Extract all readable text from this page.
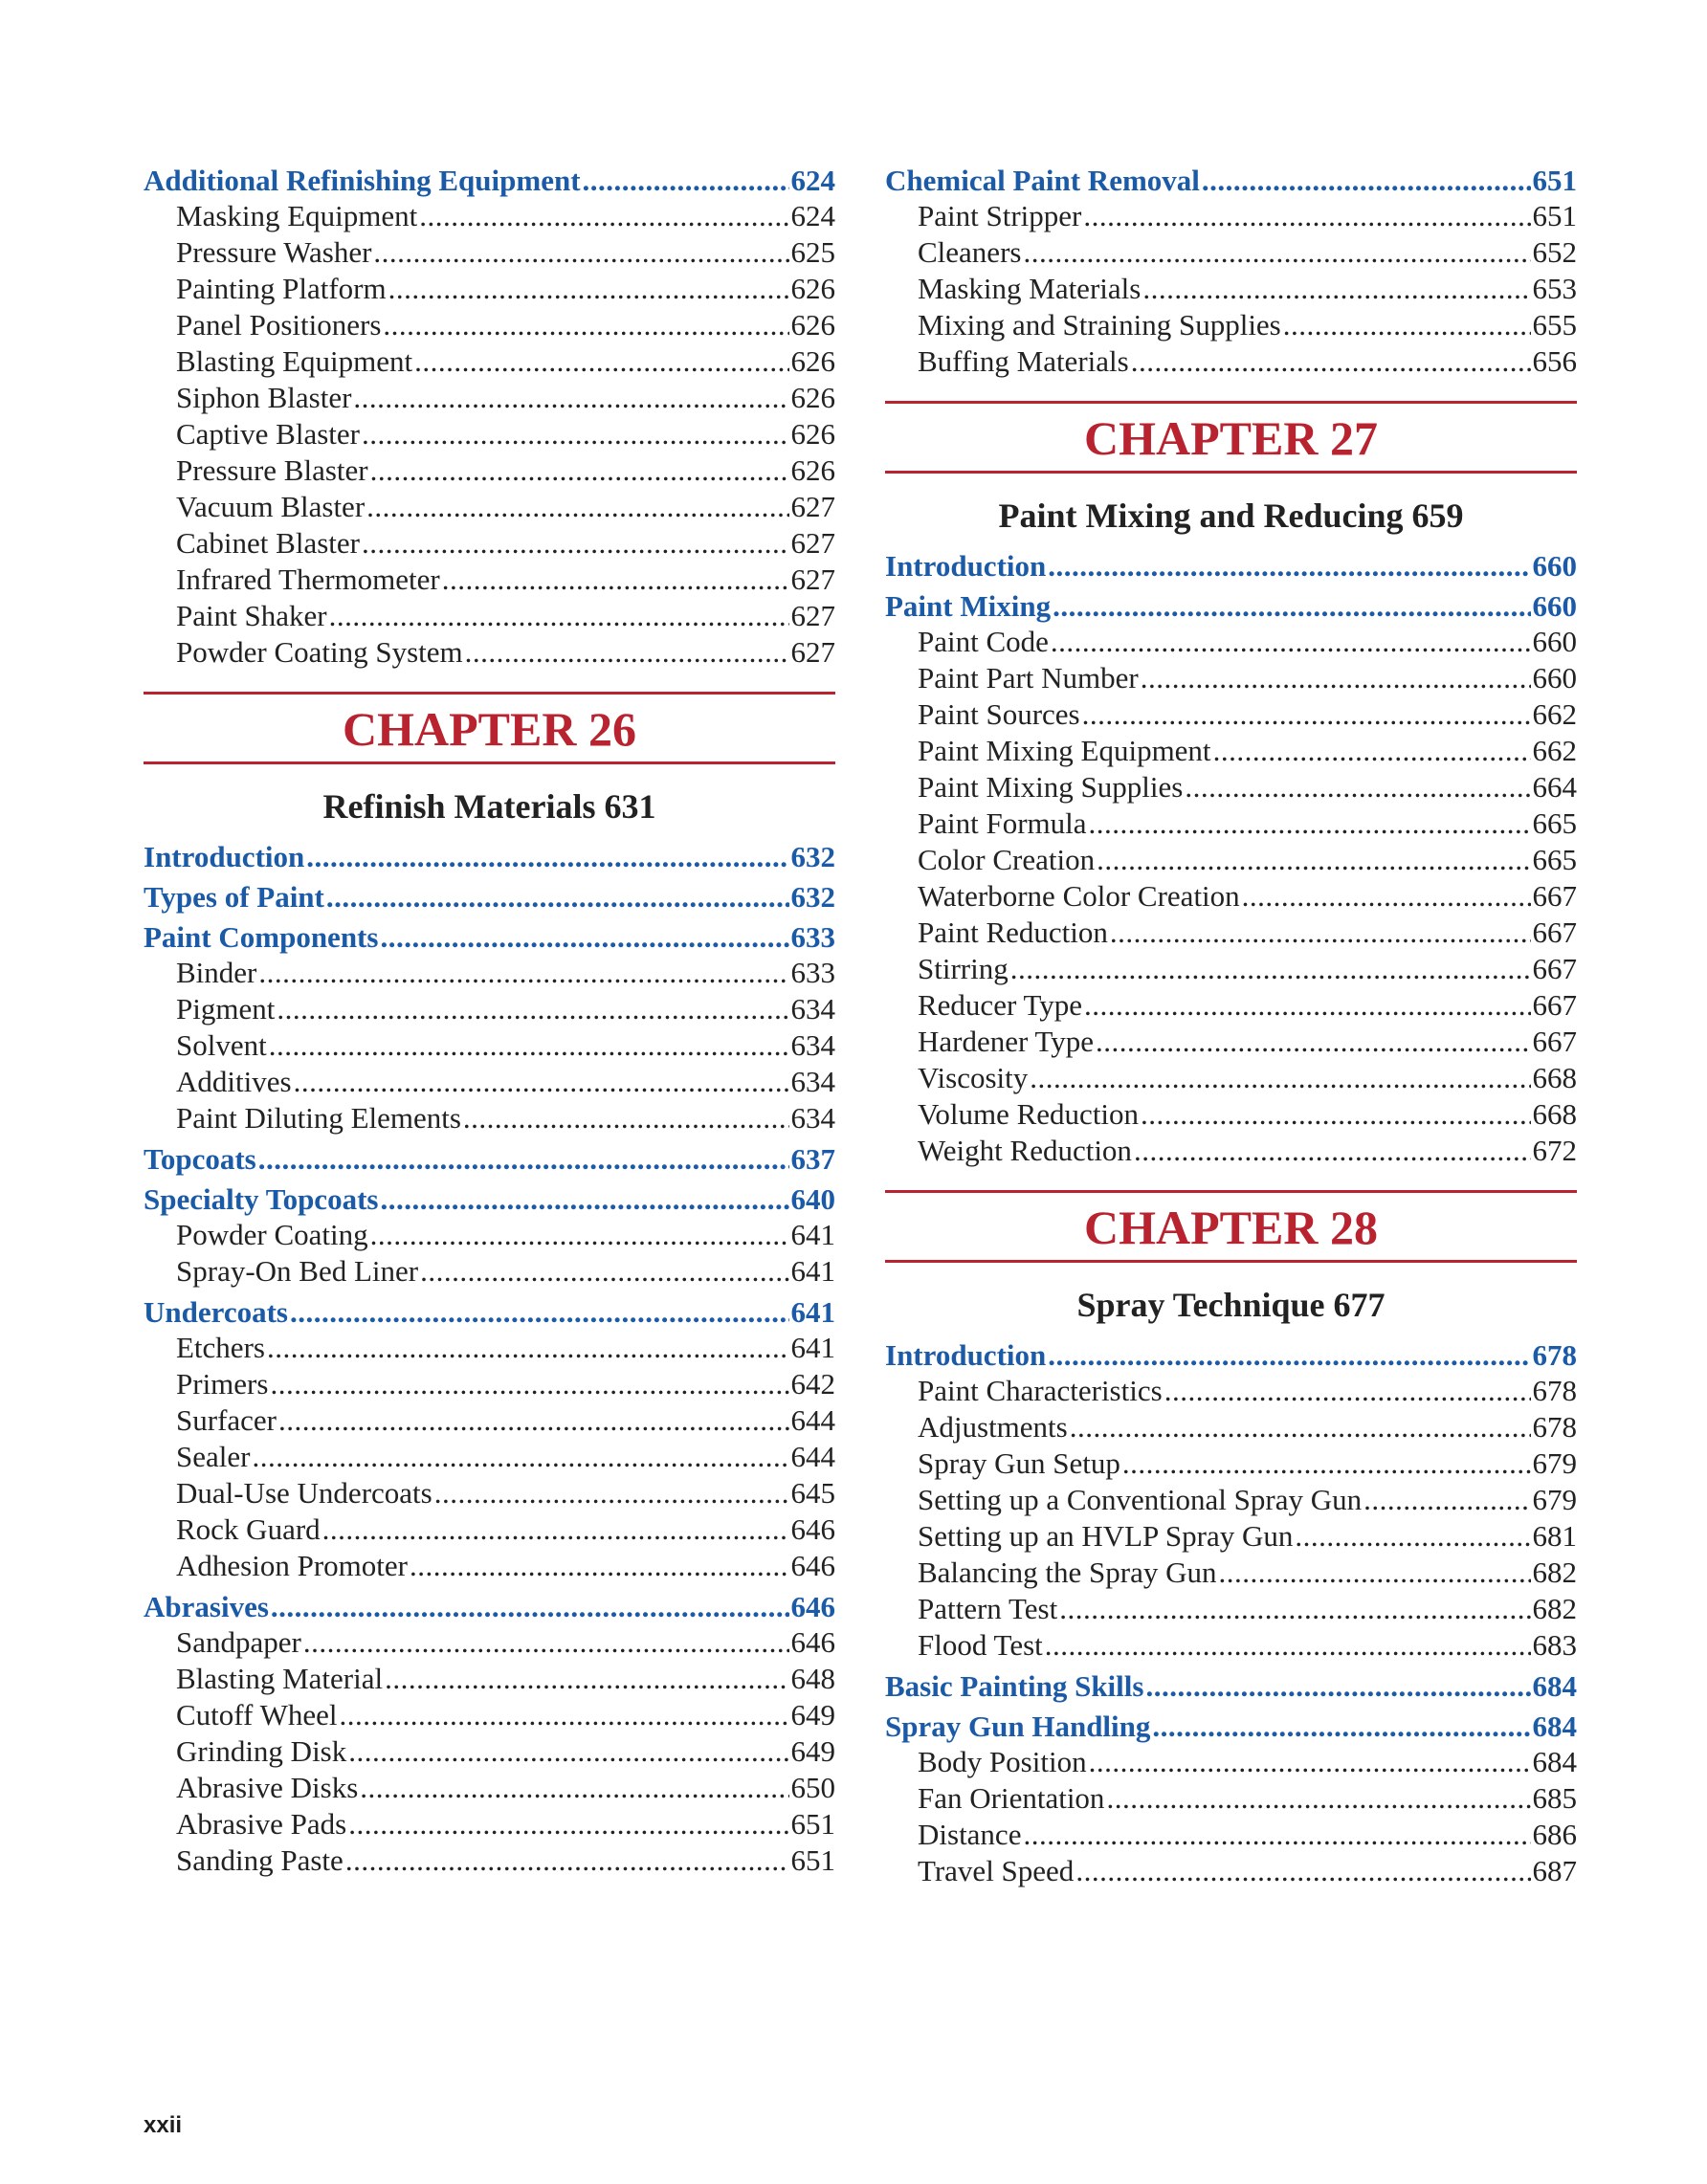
Additional Refinishing Equipment .....	624
Masking Equipment .....	624
Pressure Washer .....	625
Painting Platform .....	626
Panel Positioners .....	626
Blasting Equipment .....	626
Siphon Blaster .....	626
Captive Blaster .....	626
Pressure Blaster .....	626
Vacuum Blaster .....	627
Cabinet Blaster .....	627
Infrared Thermometer .....	627
Paint Shaker .....	627
Powder Coating System .....	627
CHAPTER 26
Refinish Materials 631
Introduction .....	632
Types of Paint .....	632
Paint Components .....	633
Binder .....	633
Pigment .....	634
Solvent .....	634
Additives .....	634
Paint Diluting Elements .....	634
Topcoats .....	637
Specialty Topcoats .....	640
Powder Coating .....	641
Spray-On Bed Liner .....	641
Undercoats .....	641
Etchers .....	641
Primers .....	642
Surfacer .....	644
Sealer .....	644
Dual-Use Undercoats .....	645
Rock Guard .....	646
Adhesion Promoter .....	646
Abrasives .....	646
Sandpaper .....	646
Blasting Material .....	648
Cutoff Wheel .....	649
Grinding Disk .....	649
Abrasive Disks .....	650
Abrasive Pads .....	651
Sanding Paste .....	651
Chemical Paint Removal .....	651
Paint Stripper .....	651
Cleaners .....	652
Masking Materials .....	653
Mixing and Straining Supplies .....	655
Buffing Materials .....	656
CHAPTER 27
Paint Mixing and Reducing 659
Introduction .....	660
Paint Mixing .....	660
Paint Code .....	660
Paint Part Number .....	660
Paint Sources .....	662
Paint Mixing Equipment .....	662
Paint Mixing Supplies .....	664
Paint Formula .....	665
Color Creation .....	665
Waterborne Color Creation .....	667
Paint Reduction .....	667
Stirring .....	667
Reducer Type .....	667
Hardener Type .....	667
Viscosity .....	668
Volume Reduction .....	668
Weight Reduction .....	672
CHAPTER 28
Spray Technique 677
Introduction .....	678
Paint Characteristics .....	678
Adjustments .....	678
Spray Gun Setup .....	679
Setting up a Conventional Spray Gun .....	679
Setting up an HVLP Spray Gun .....	681
Balancing the Spray Gun .....	682
Pattern Test .....	682
Flood Test .....	683
Basic Painting Skills .....	684
Spray Gun Handling .....	684
Body Position .....	684
Fan Orientation .....	685
Distance .....	686
Travel Speed .....	687
xxii
